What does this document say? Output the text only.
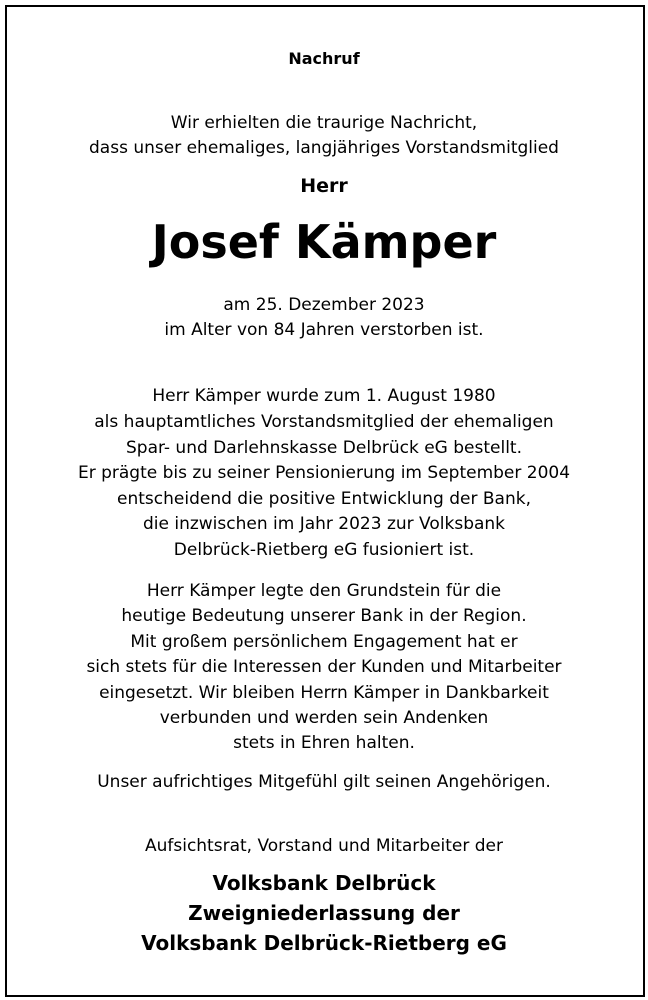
Nachruf
Wir erhielten die traurige Nachricht,
dass unser ehemaliges, langjähriges Vorstandsmitglied
Herr
Josef Kämper
am 25. Dezember 2023
im Alter von 84 Jahren verstorben ist.
Herr Kämper wurde zum 1. August 1980
als hauptamtliches Vorstandsmitglied der ehemaligen
Spar- und Darlehnskasse Delbrück eG bestellt.
Er prägte bis zu seiner Pensionierung im September 2004
entscheidend die positive Entwicklung der Bank,
die inzwischen im Jahr 2023 zur Volksbank
Delbrück-Rietberg eG fusioniert ist.
Herr Kämper legte den Grundstein für die
heutige Bedeutung unserer Bank in der Region.
Mit großem persönlichem Engagement hat er
sich stets für die Interessen der Kunden und Mitarbeiter
eingesetzt. Wir bleiben Herrn Kämper in Dankbarkeit
verbunden und werden sein Andenken
stets in Ehren halten.
Unser aufrichtiges Mitgefühl gilt seinen Angehörigen.
Aufsichtsrat, Vorstand und Mitarbeiter der
Volksbank Delbrück
Zweigniederlassung der
Volksbank Delbrück-Rietberg eG
